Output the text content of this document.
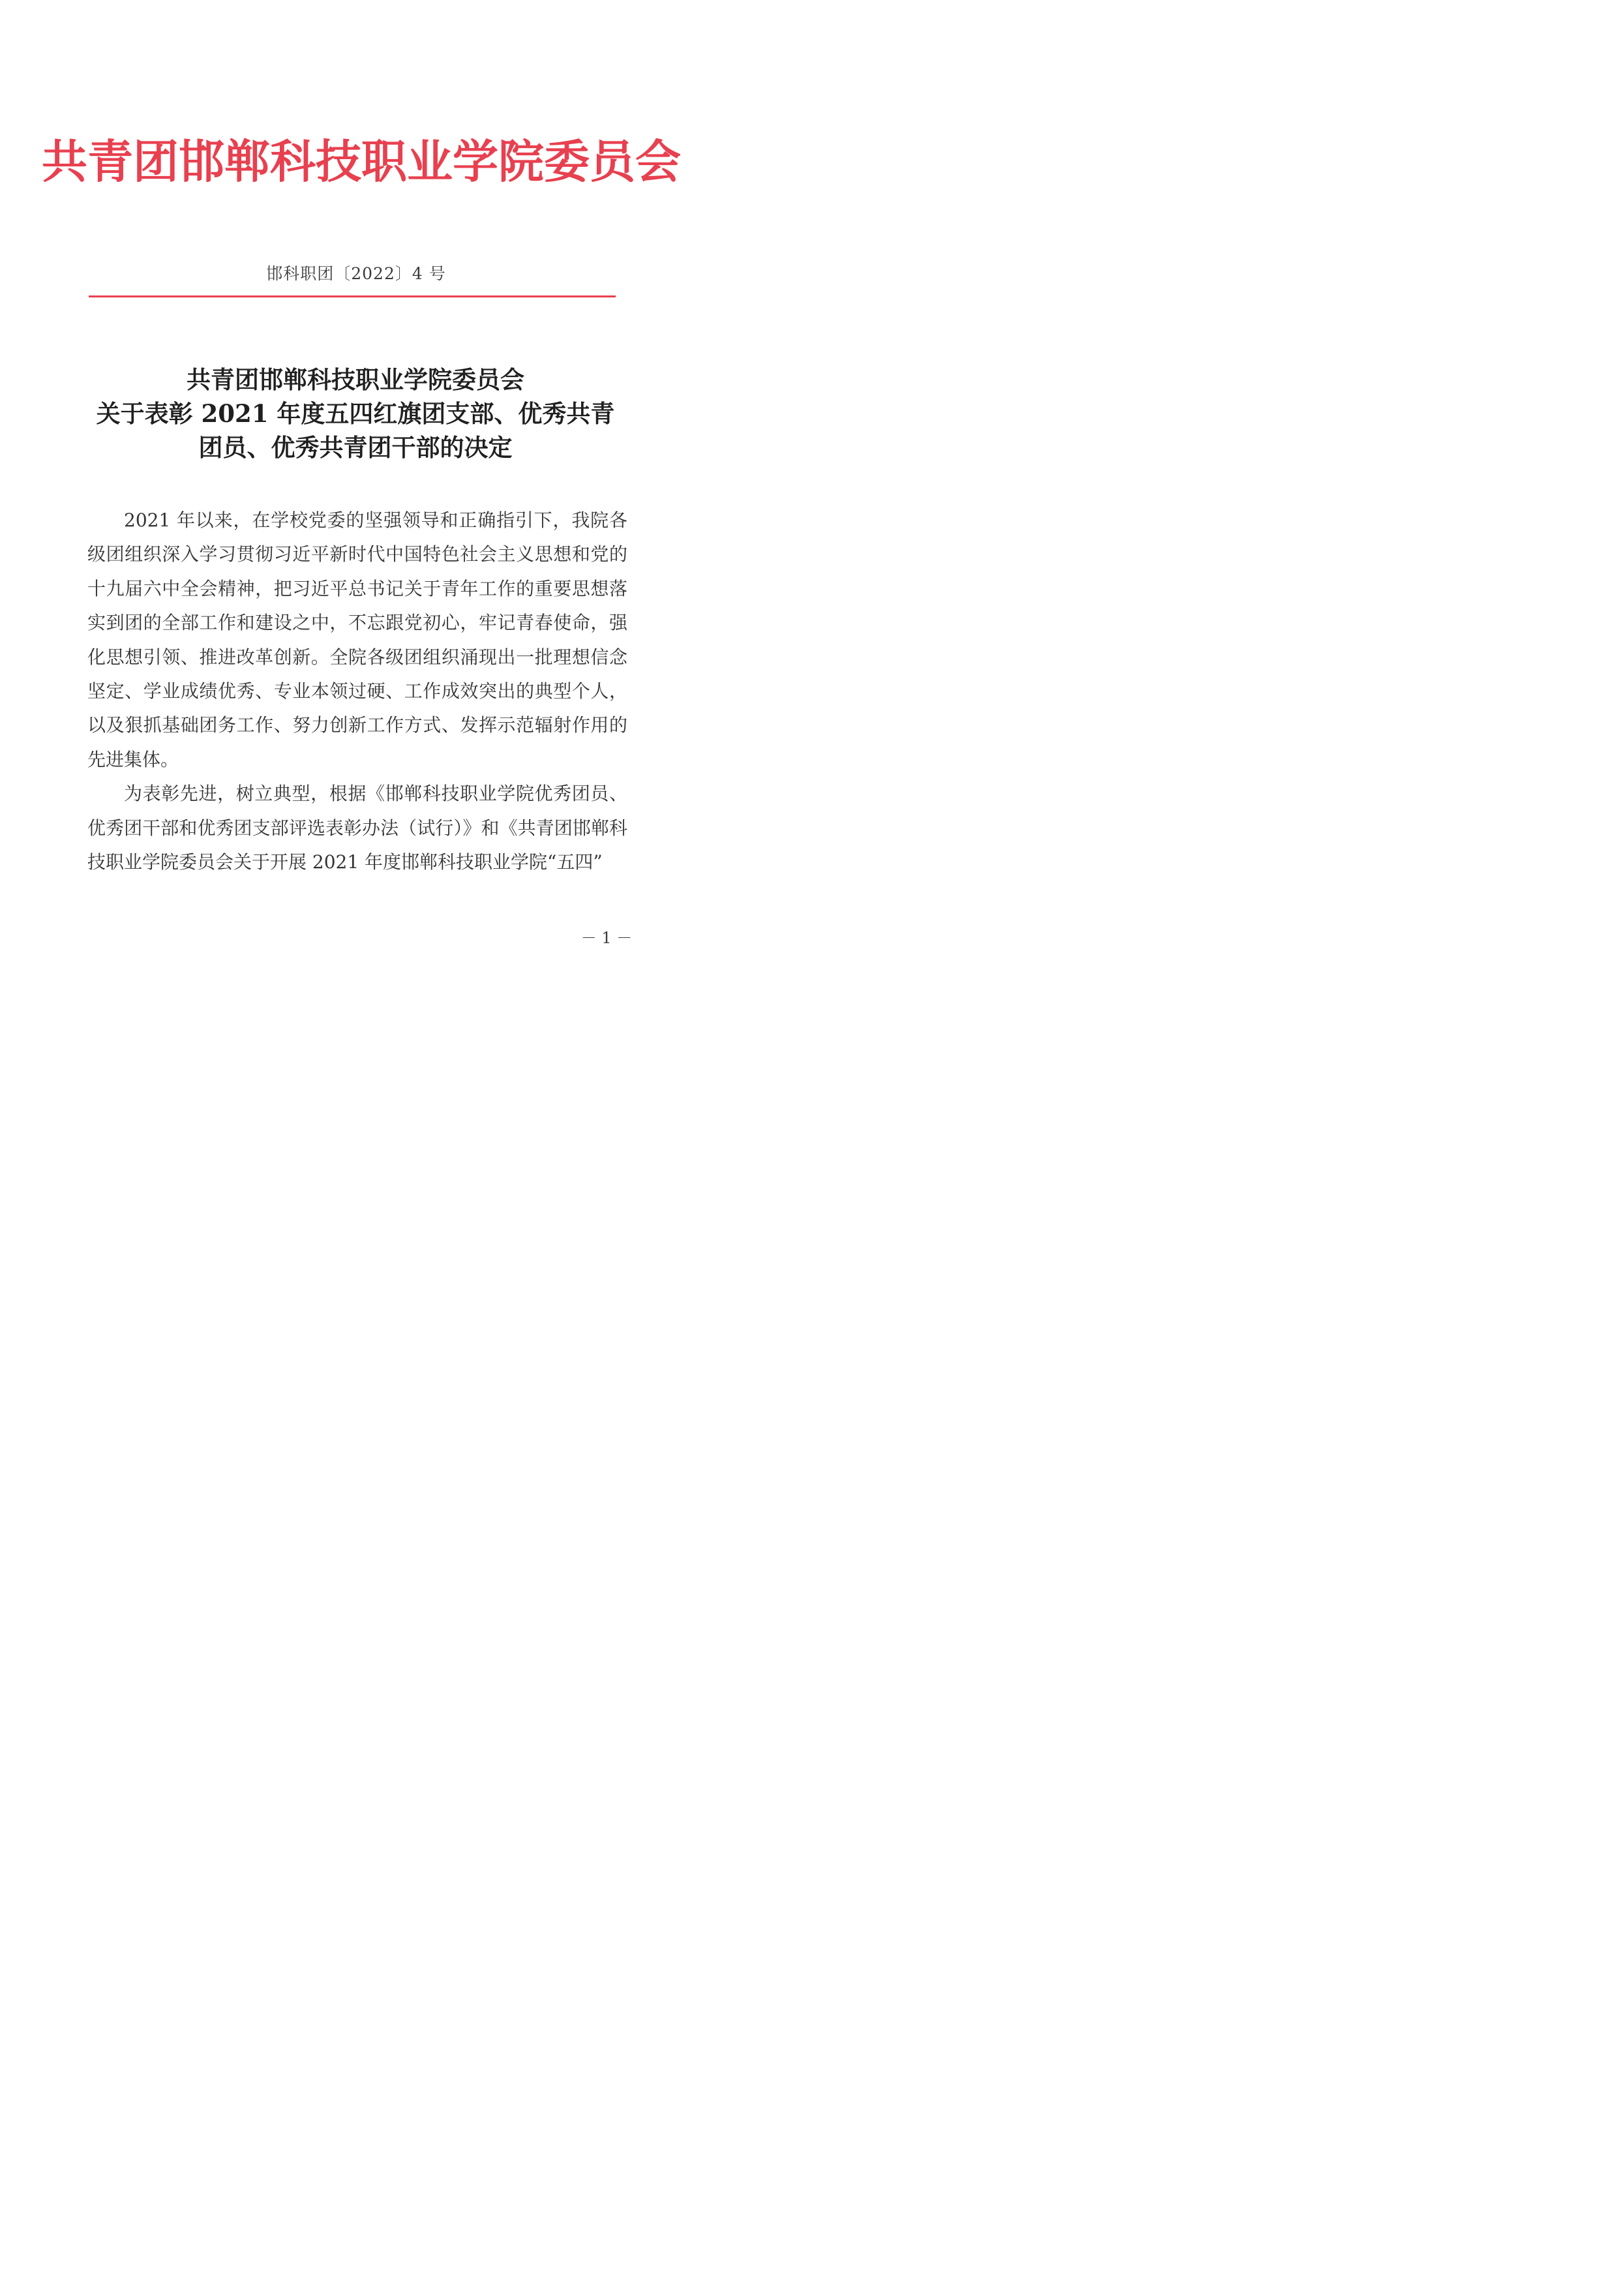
共青团邯郸科技职业学院委员会
邯科职团〔2022〕4 号
共青团邯郸科技职业学院委员会
关于表彰 2021 年度五四红旗团支部、优秀共青
团员、优秀共青团干部的决定

2021 年以来，在学校党委的坚强领导和正确指引下，我院各级团组织深入学习贯彻习近平新时代中国特色社会主义思想和党的十九届六中全会精神，把习近平总书记关于青年工作的重要思想落实到团的全部工作和建设之中，不忘跟党初心，牢记青春使命，强化思想引领、推进改革创新。全院各级团组织涌现出一批理想信念坚定、学业成绩优秀、专业本领过硬、工作成效突出的典型个人，以及狠抓基础团务工作、努力创新工作方式、发挥示范辐射作用的先进集体。

为表彰先进，树立典型，根据《邯郸科技职业学院优秀团员、优秀团干部和优秀团支部评选表彰办法（试行）》和《共青团邯郸科技职业学院委员会关于开展 2021 年度邯郸科技职业学院“五四”

－ 1 －
